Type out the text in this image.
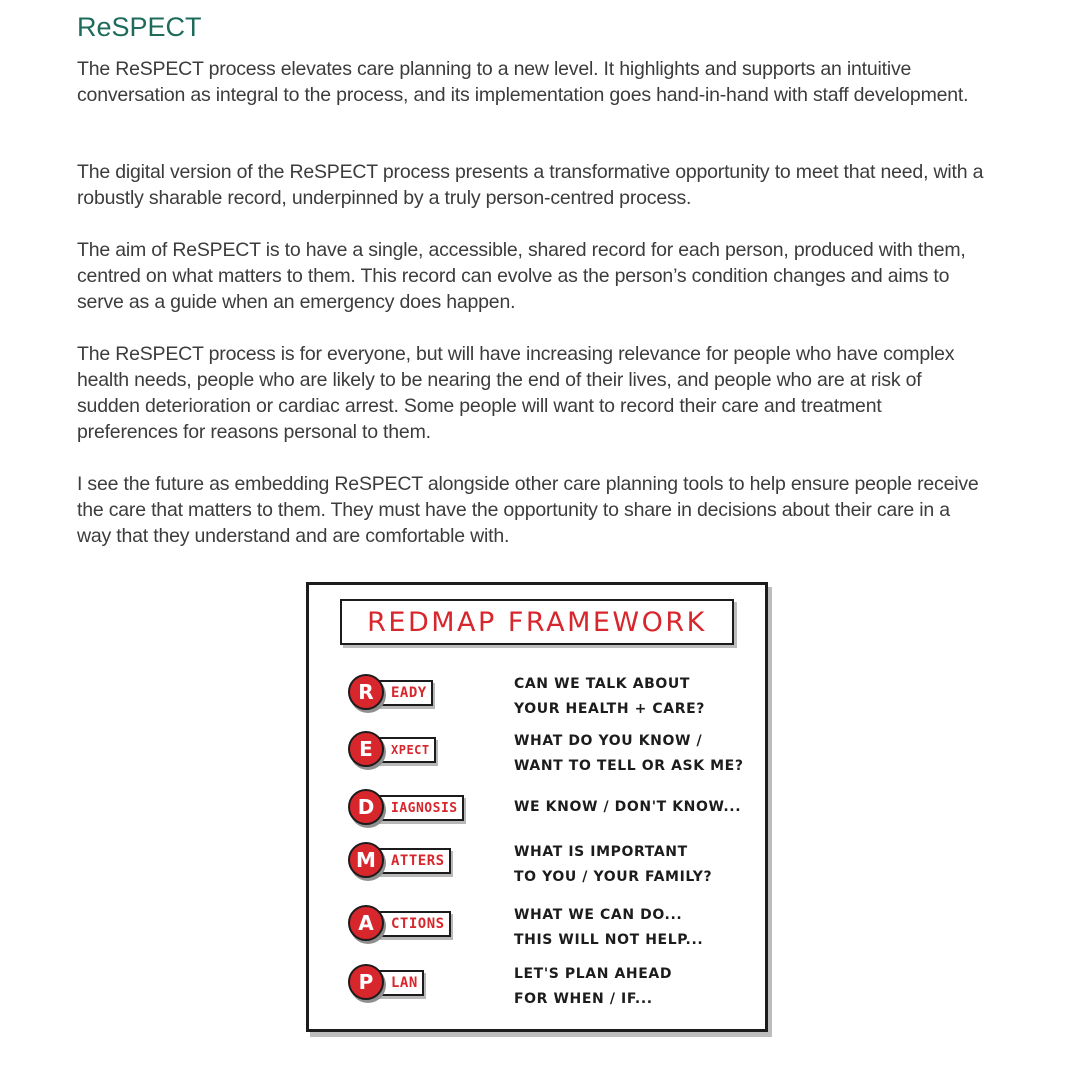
ReSPECT

The ReSPECT process elevates care planning to a new level. It highlights and supports an intuitive conversation as integral to the process, and its implementation goes hand-in-hand with staff development.

The digital version of the ReSPECT process presents a transformative opportunity to meet that need, with a robustly sharable record, underpinned by a truly person-centred process.

The aim of ReSPECT is to have a single, accessible, shared record for each person, produced with them, centred on what matters to them. This record can evolve as the person’s condition changes and aims to serve as a guide when an emergency does happen.

The ReSPECT process is for everyone, but will have increasing relevance for people who have complex health needs, people who are likely to be nearing the end of their lives, and people who are at risk of sudden deterioration or cardiac arrest. Some people will want to record their care and treatment preferences for reasons personal to them.

I see the future as embedding ReSPECT alongside other care planning tools to help ensure people receive the care that matters to them. They must have the opportunity to share in decisions about their care in a way that they understand and are comfortable with.

REDMAP FRAMEWORK
R EADY
CAN WE TALK ABOUT
YOUR HEALTH + CARE?
E XPECT
WHAT DO YOU KNOW /
WANT TO TELL OR ASK ME?
D IAGNOSIS	WE KNOW / DON'T KNOW...
M ATTERS
WHAT IS IMPORTANT
TO YOU / YOUR FAMILY?
A CTIONS
WHAT WE CAN DO...
THIS WILL NOT HELP...
P LAN
LET'S PLAN AHEAD
FOR WHEN / IF...
